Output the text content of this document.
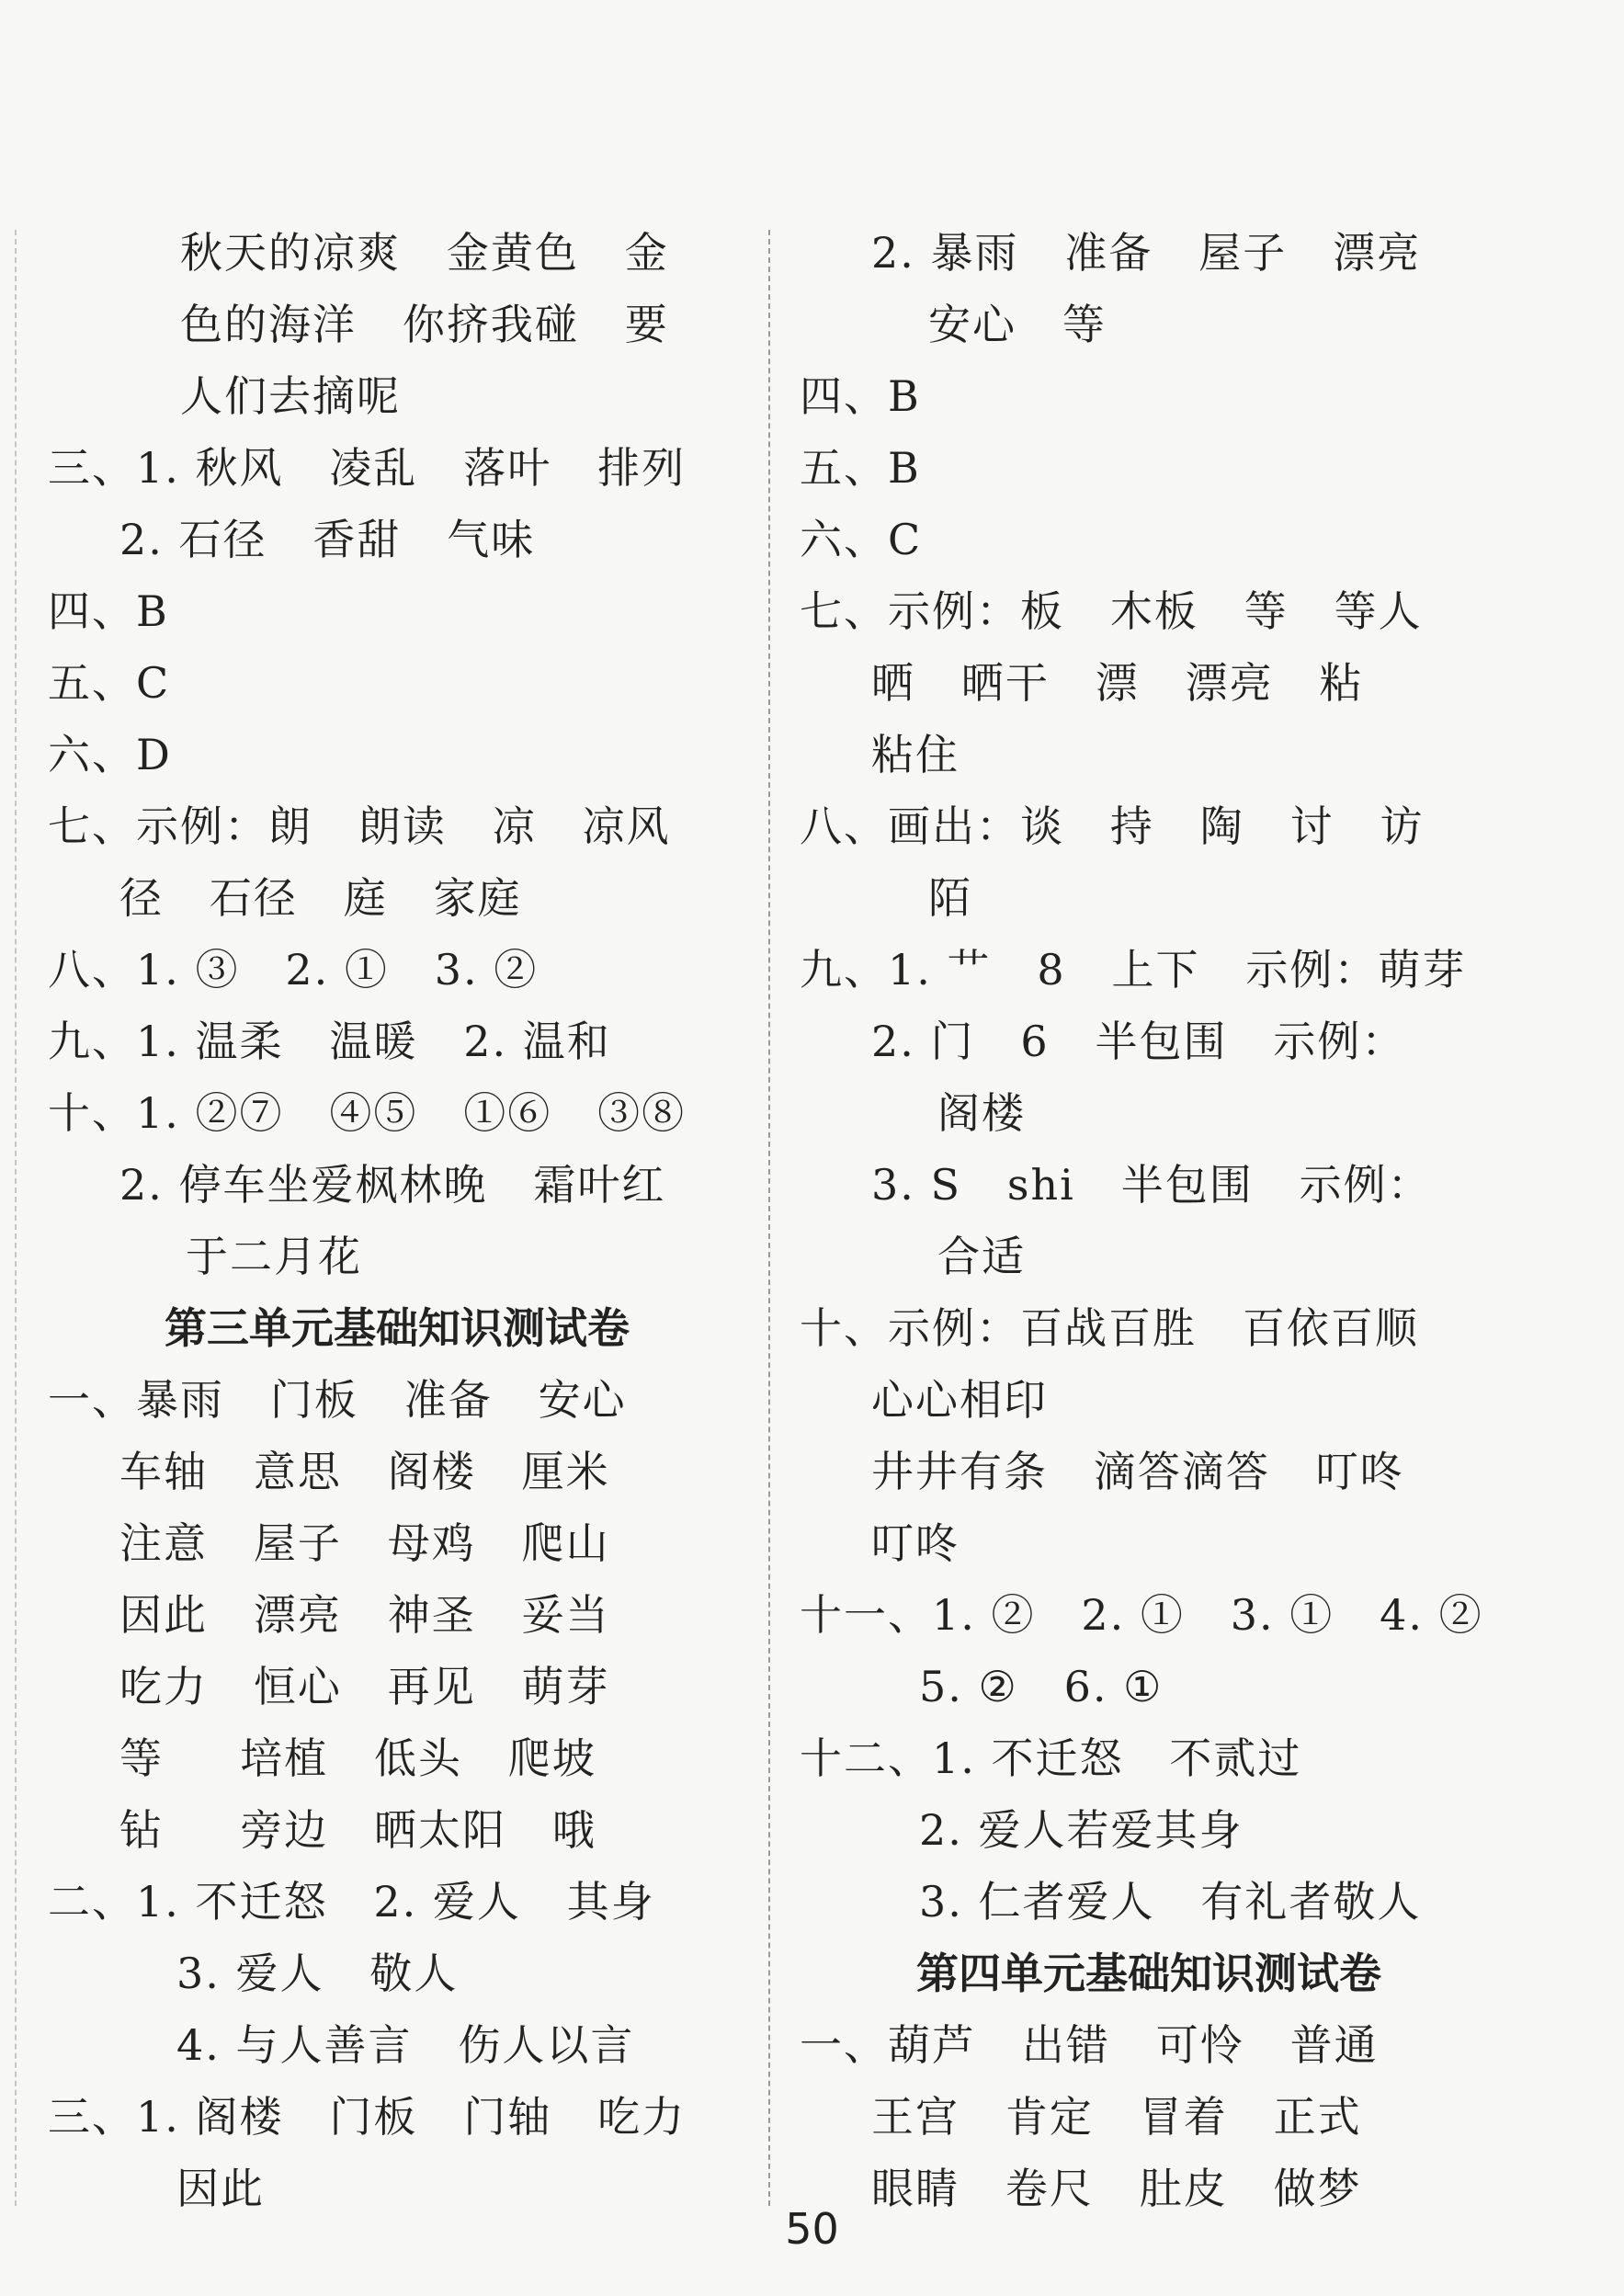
秋天的凉爽   金黄色   金
色的海洋   你挤我碰   要
人们去摘呢
三、1. 秋风   凌乱   落叶   排列
2. 石径   香甜   气味
四、B
五、C
六、D
七、示例：朗   朗读   凉   凉风
径   石径   庭   家庭
八、1. ③   2. ①   3. ②
九、1. 温柔   温暖   2. 温和
十、1. ②⑦   ④⑤   ①⑥   ③⑧
2. 停车坐爱枫林晚   霜叶红
于二月花
第三单元基础知识测试卷
一、暴雨   门板   准备   安心
车轴   意思   阁楼   厘米
注意   屋子   母鸡   爬山
因此   漂亮   神圣   妥当
吃力   恒心   再见   萌芽
等     培植   低头   爬坡
钻     旁边   晒太阳   哦
二、1. 不迁怒   2. 爱人   其身
3. 爱人   敬人
4. 与人善言   伤人以言
三、1. 阁楼   门板   门轴   吃力
因此
2. 暴雨   准备   屋子   漂亮
安心   等
四、B
五、B
六、C
七、示例：板   木板   等   等人
晒   晒干   漂   漂亮   粘
粘住
八、画出：谈   持   陶   讨   访
陌
九、1. 艹   8   上下   示例：萌芽
2. 门   6   半包围   示例：
阁楼
3. S   shi   半包围   示例：
合适
十、示例：百战百胜   百依百顺
心心相印
井井有条   滴答滴答   叮咚
叮咚
十一、1. ②   2. ①   3. ①   4. ②
5. ②   6. ①
十二、1. 不迁怒   不贰过
2. 爱人若爱其身
3. 仁者爱人   有礼者敬人
第四单元基础知识测试卷
一、葫芦   出错   可怜   普通
王宫   肯定   冒着   正式
眼睛   卷尺   肚皮   做梦
50
